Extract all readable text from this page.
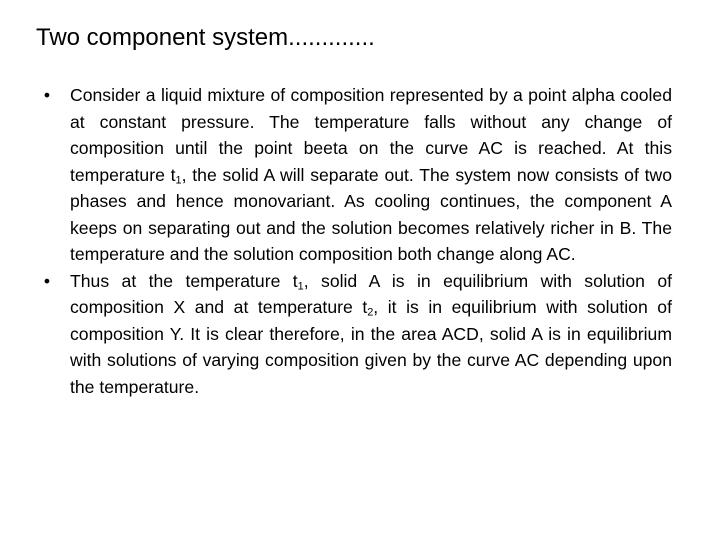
Two component system.............
• Consider a liquid mixture of composition represented by a point alpha cooled at constant pressure. The temperature falls without any change of composition until the point beeta on the curve AC is reached. At this temperature $t_1$, the solid A will separate out. The system now consists of two phases and hence monovariant. As cooling continues, the component A keeps on separating out and the solution becomes relatively richer in B. The temperature and the solution composition both change along AC.
• Thus at the temperature $t_1$, solid A is in equilibrium with solution of composition X and at temperature $t_2$, it is in equilibrium with solution of composition Y. It is clear therefore, in the area ACD, solid A is in equilibrium with solutions of varying composition given by the curve AC depending upon the temperature.
